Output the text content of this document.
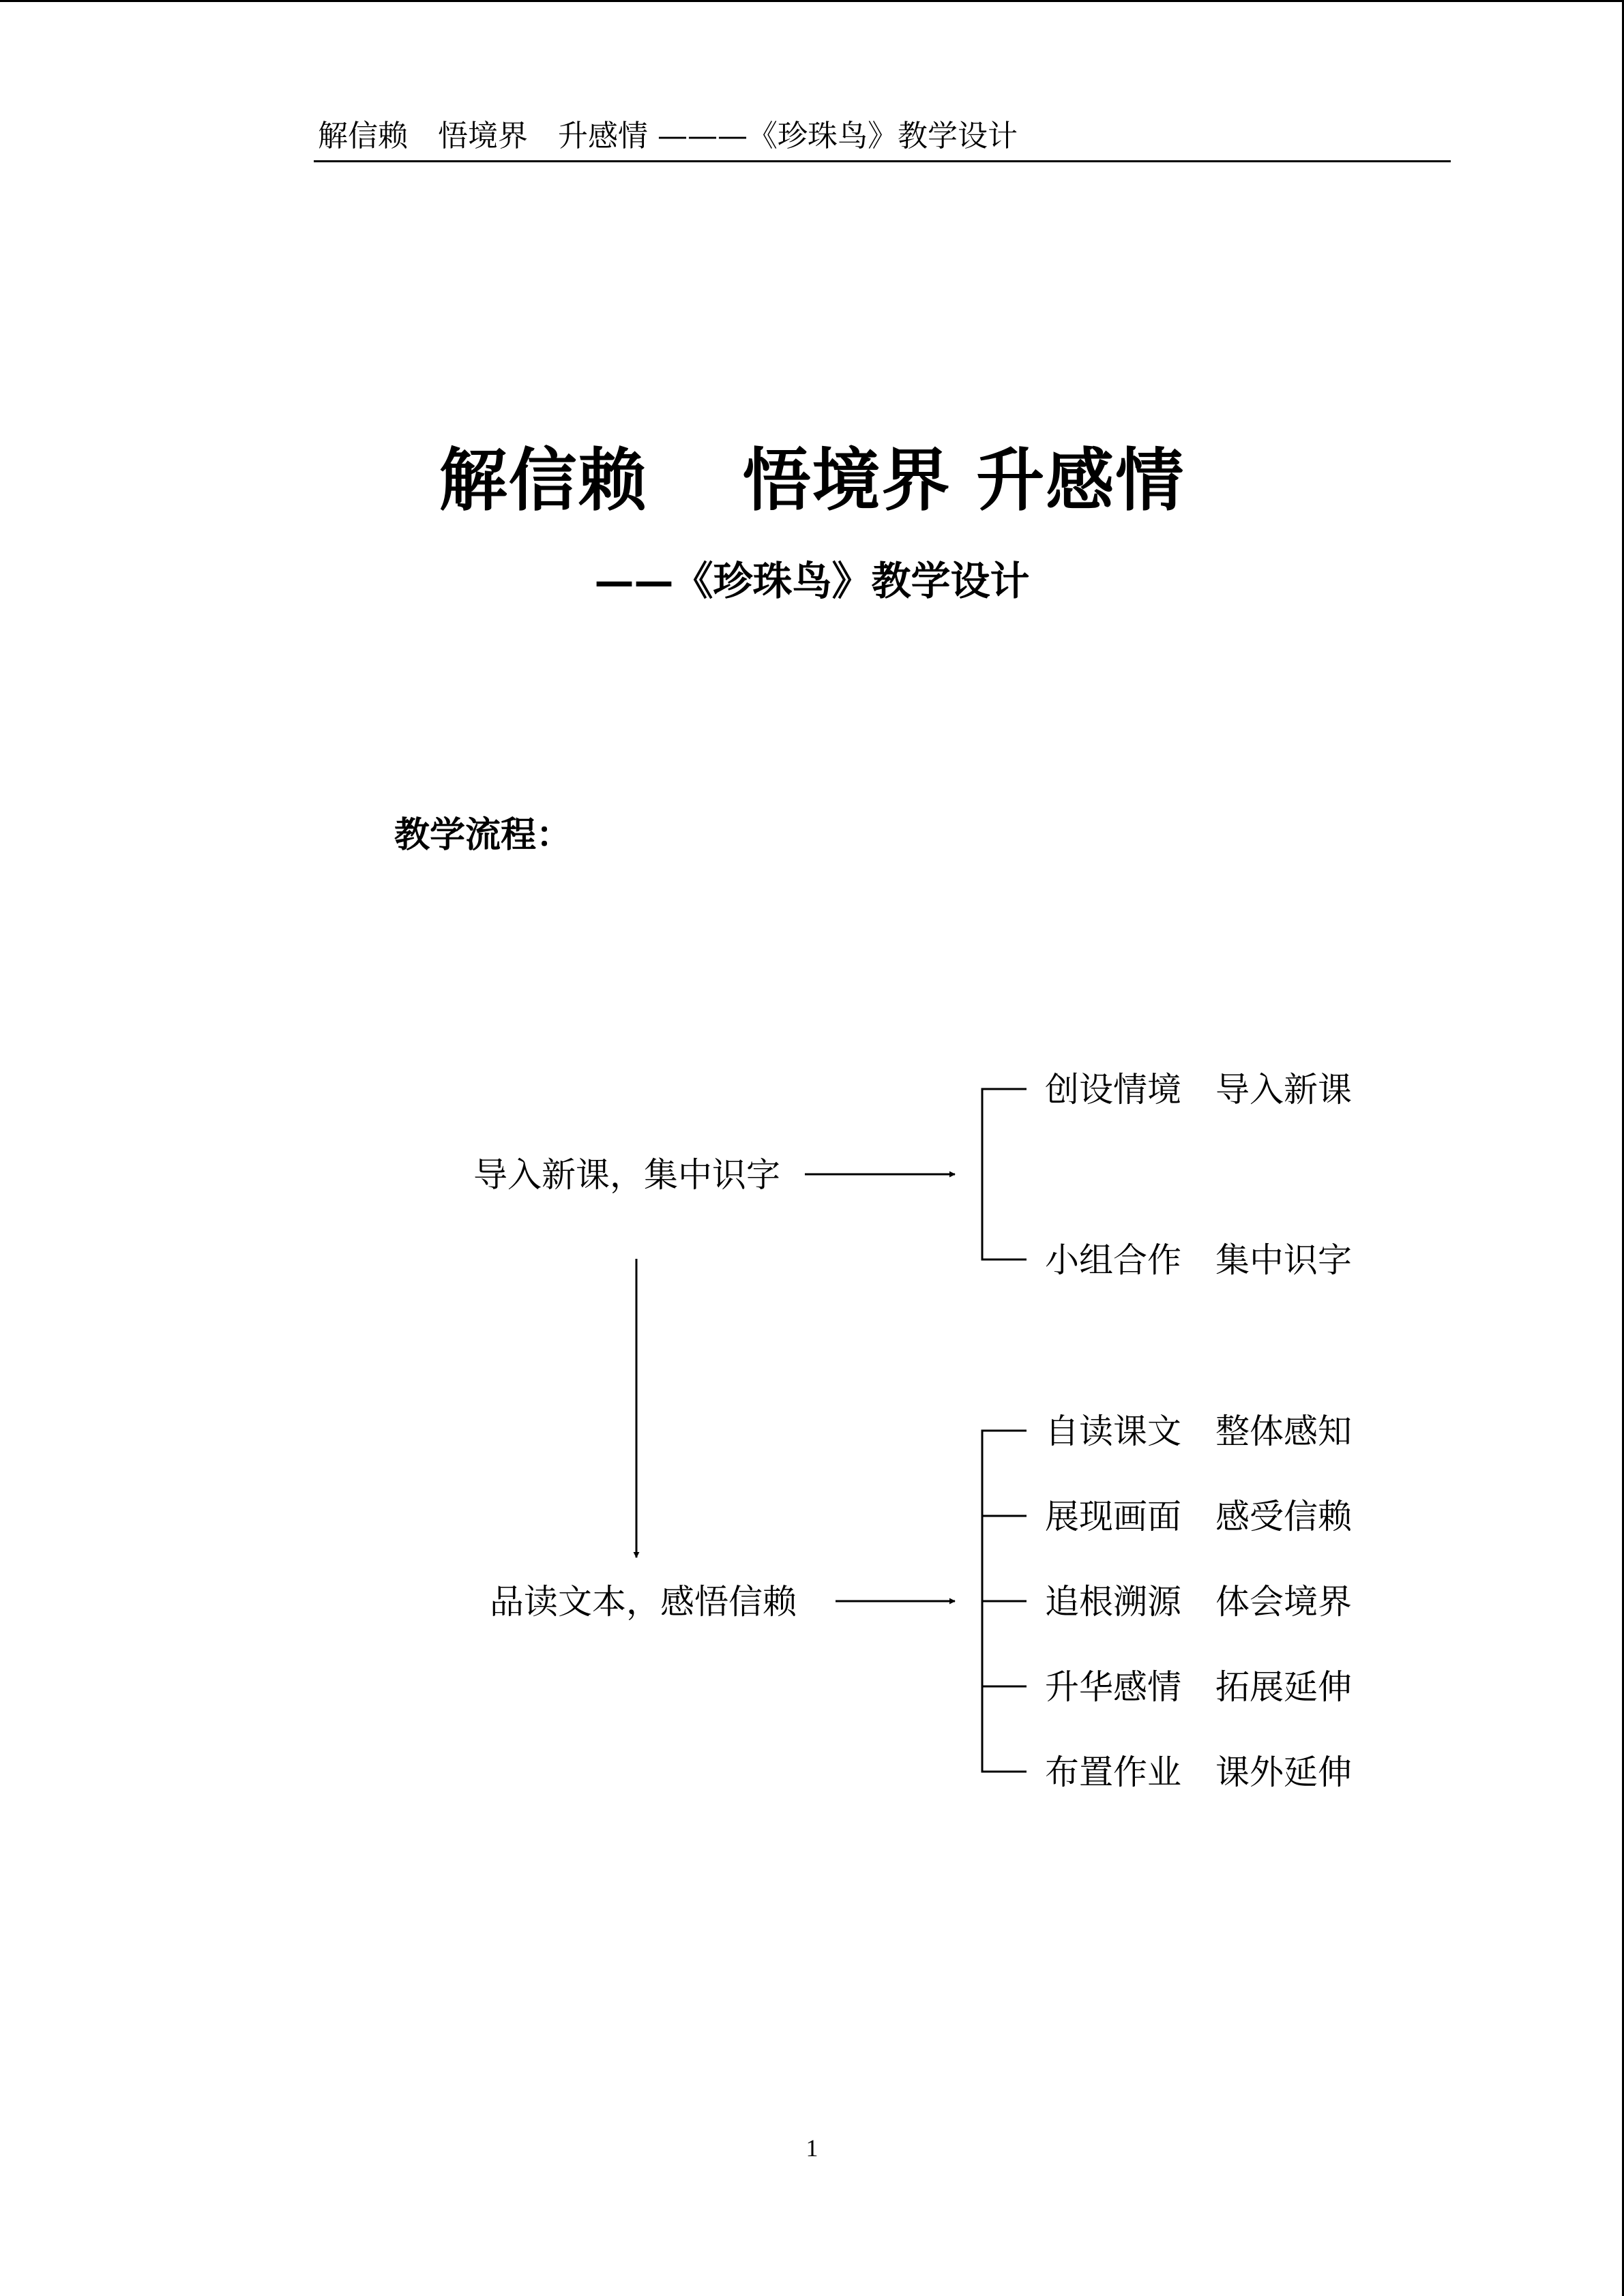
解信赖　悟境界　升感情 ———《珍珠鸟》教学设计
解信赖　 悟境界 升感情
——《珍珠鸟》教学设计
教学流程：
导入新课，集中识字
创设情境　导入新课
小组合作　集中识字
品读文本，感悟信赖
自读课文　整体感知
展现画面　感受信赖
追根溯源　体会境界
升华感情　拓展延伸
布置作业　课外延伸
1
